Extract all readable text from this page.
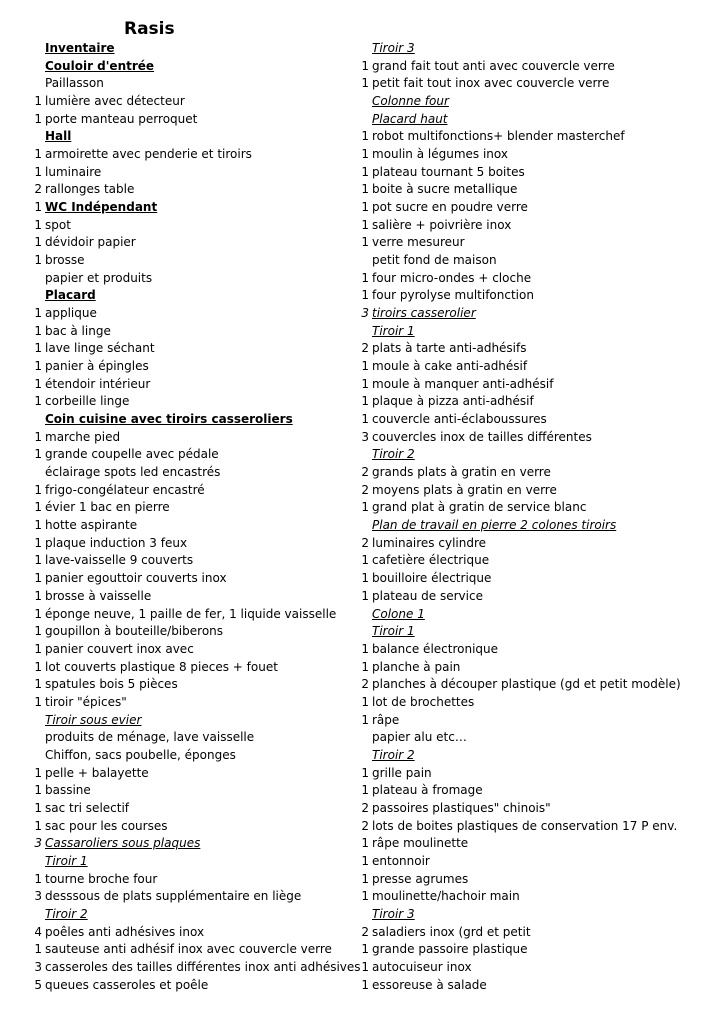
Rasis
Inventaire
Couloir d'entrée
Paillasson
1 lumière avec détecteur
1 porte manteau perroquet
Hall
1 armoirette avec penderie et tiroirs
1 luminaire
2 rallonges table
1 WC Indépendant
1 spot
1 dévidoir papier
1 brosse
papier et produits
Placard
1 applique
1 bac à linge
1 lave linge séchant
1 panier à épingles
1 étendoir intérieur
1 corbeille linge
Coin cuisine avec tiroirs casseroliers
1 marche pied
1 grande coupelle avec pédale
éclairage spots led encastrés
1 frigo-congélateur encastré
1 évier 1 bac en pierre
1 hotte aspirante
1 plaque induction 3 feux
1 lave-vaisselle 9 couverts
1 panier egouttoir couverts inox
1 brosse à vaisselle
1 éponge neuve, 1 paille de fer, 1 liquide vaisselle
1 goupillon à bouteille/biberons
1 panier couvert inox avec
1 lot couverts plastique 8 pieces + fouet
1 spatules bois 5 pièces
1 tiroir "épices"
Tiroir sous evier
produits de ménage, lave vaisselle
Chiffon, sacs poubelle, éponges
1 pelle + balayette
1 bassine
1 sac tri selectif
1 sac pour les courses
3 Cassaroliers sous plaques
Tiroir 1
1 tourne broche four
3 desssous de plats supplémentaire en liège
Tiroir 2
4 poêles anti adhésives inox
1 sauteuse anti adhésif inox avec couvercle verre
3 casseroles des tailles différentes inox anti adhésives
5 queues casseroles et poêle
Tiroir 3
1 grand fait tout anti avec couvercle verre
1 petit fait tout inox avec couvercle verre
Colonne four
Placard haut
1 robot multifonctions+ blender masterchef
1 moulin à légumes inox
1 plateau tournant 5 boites
1 boite à sucre metallique
1 pot sucre en poudre verre
1 salière + poivrière inox
1 verre mesureur
petit fond de maison
1 four micro-ondes + cloche
1 four pyrolyse multifonction
3 tiroirs casserolier
Tiroir 1
2 plats à tarte anti-adhésifs
1 moule à cake anti-adhésif
1 moule à manquer anti-adhésif
1 plaque à pizza anti-adhésif
1 couvercle anti-éclaboussures
3 couvercles inox de tailles différentes
Tiroir 2
2 grands plats à gratin en verre
2 moyens plats à gratin en verre
1 grand plat à gratin de service blanc
Plan de travail en pierre 2 colones tiroirs
2 luminaires cylindre
1 cafetière électrique
1 bouilloire électrique
1 plateau de service
Colone 1
Tiroir 1
1 balance électronique
1 planche à pain
2 planches à découper plastique (gd et petit modèle)
1 lot de brochettes
1 râpe
papier alu etc…
Tiroir 2
1 grille pain
1 plateau à fromage
2 passoires plastiques" chinois"
2 lots de boites plastiques de conservation 17 P env.
1 râpe moulinette
1 entonnoir
1 presse agrumes
1 moulinette/hachoir main
Tiroir 3
2 saladiers inox (grd et petit
1 grande passoire plastique
1 autocuiseur inox
1 essoreuse à salade
